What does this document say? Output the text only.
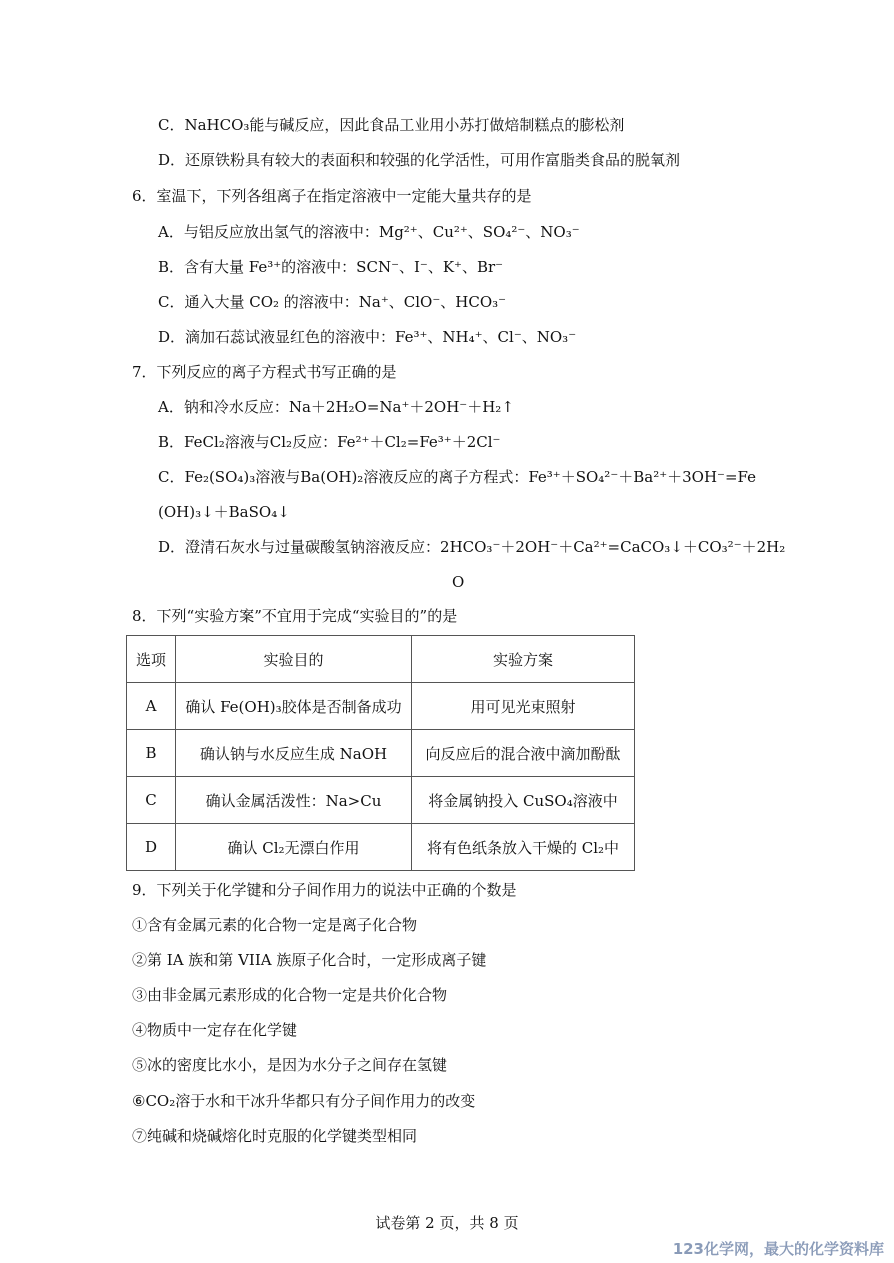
C．NaHCO₃能与碱反应，因此食品工业用小苏打做焙制糕点的膨松剂
D．还原铁粉具有较大的表面积和较强的化学活性，可用作富脂类食品的脱氧剂
6．室温下，下列各组离子在指定溶液中一定能大量共存的是
A．与铝反应放出氢气的溶液中：Mg²⁺、Cu²⁺、SO₄²⁻、NO₃⁻
B．含有大量 Fe³⁺的溶液中：SCN⁻、I⁻、K⁺、Br⁻
C．通入大量 CO₂ 的溶液中：Na⁺、ClO⁻、HCO₃⁻
D．滴加石蕊试液显红色的溶液中：Fe³⁺、NH₄⁺、Cl⁻、NO₃⁻
7．下列反应的离子方程式书写正确的是
A．钠和冷水反应：Na＋2H₂O=Na⁺＋2OH⁻＋H₂↑
B．FeCl₂溶液与Cl₂反应：Fe²⁺＋Cl₂=Fe³⁺＋2Cl⁻
C．Fe₂(SO₄)₃溶液与Ba(OH)₂溶液反应的离子方程式：Fe³⁺＋SO₄²⁻＋Ba²⁺＋3OH⁻=Fe
(OH)₃↓＋BaSO₄↓
D．澄清石灰水与过量碳酸氢钠溶液反应：2HCO₃⁻＋2OH⁻＋Ca²⁺=CaCO₃↓＋CO₃²⁻＋2H₂
O
8．下列“实验方案”不宜用于完成“实验目的”的是
选项	实验目的	实验方案
A	确认 Fe(OH)₃胶体是否制备成功	用可见光束照射
B	确认钠与水反应生成 NaOH	向反应后的混合液中滴加酚酞
C	确认金属活泼性：Na>Cu	将金属钠投入 CuSO₄溶液中
D	确认 Cl₂无漂白作用	将有色纸条放入干燥的 Cl₂中
9．下列关于化学键和分子间作用力的说法中正确的个数是
①含有金属元素的化合物一定是离子化合物
②第 IA 族和第 VIIA 族原子化合时，一定形成离子键
③由非金属元素形成的化合物一定是共价化合物
④物质中一定存在化学键
⑤冰的密度比水小，是因为水分子之间存在氢键
⑥CO₂溶于水和干冰升华都只有分子间作用力的改变
⑦纯碱和烧碱熔化时克服的化学键类型相同
试卷第 2 页，共 8 页
123化学网，最大的化学资料库
